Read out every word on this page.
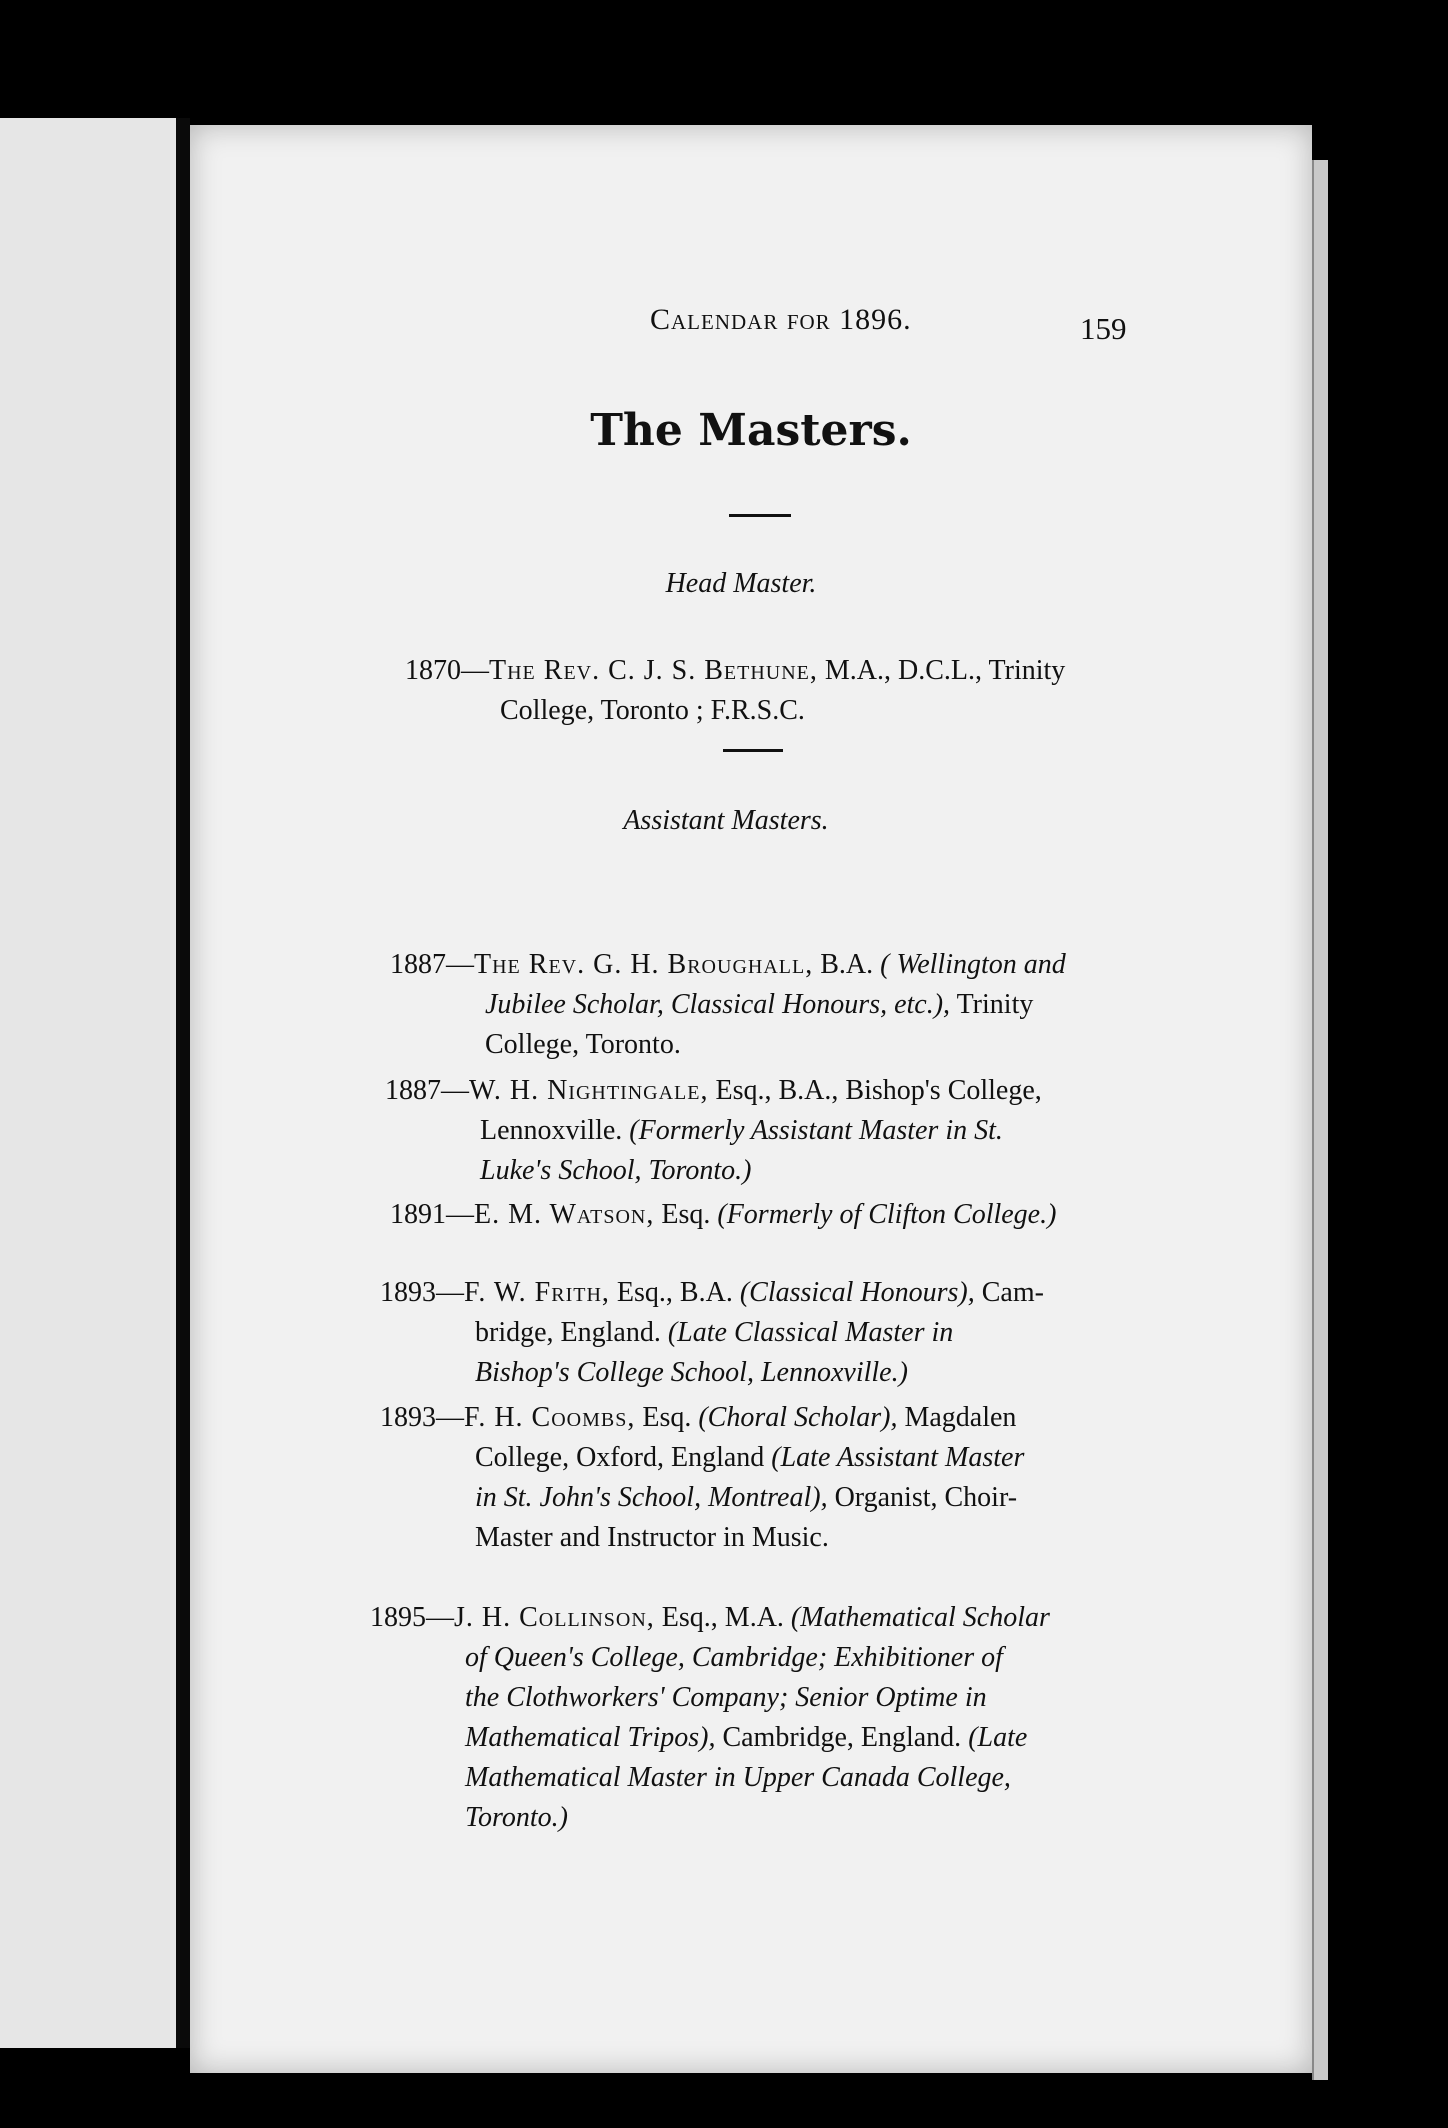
Calendar for 1896.	159
The Masters.
Head Master.
1870—The Rev. C. J. S. Bethune, M.A., D.C.L., Trinity
College, Toronto ; F.R.S.C.
Assistant Masters.
1887—The Rev. G. H. Broughall, B.A. ( Wellington and
Jubilee Scholar, Classical Honours, etc.), Trinity
College, Toronto.
1887—W. H. Nightingale, Esq., B.A., Bishop's College,
Lennoxville. (Formerly Assistant Master in St.
Luke's School, Toronto.)
1891—E. M. Watson, Esq. (Formerly of Clifton College.)
1893—F. W. Frith, Esq., B.A. (Classical Honours), Cam-
bridge, England. (Late Classical Master in
Bishop's College School, Lennoxville.)
1893—F. H. Coombs, Esq. (Choral Scholar), Magdalen
College, Oxford, England (Late Assistant Master
in St. John's School, Montreal), Organist, Choir-
Master and Instructor in Music.
1895—J. H. Collinson, Esq., M.A. (Mathematical Scholar
of Queen's College, Cambridge; Exhibitioner of
the Clothworkers' Company; Senior Optime in
Mathematical Tripos), Cambridge, England. (Late
Mathematical Master in Upper Canada College,
Toronto.)
